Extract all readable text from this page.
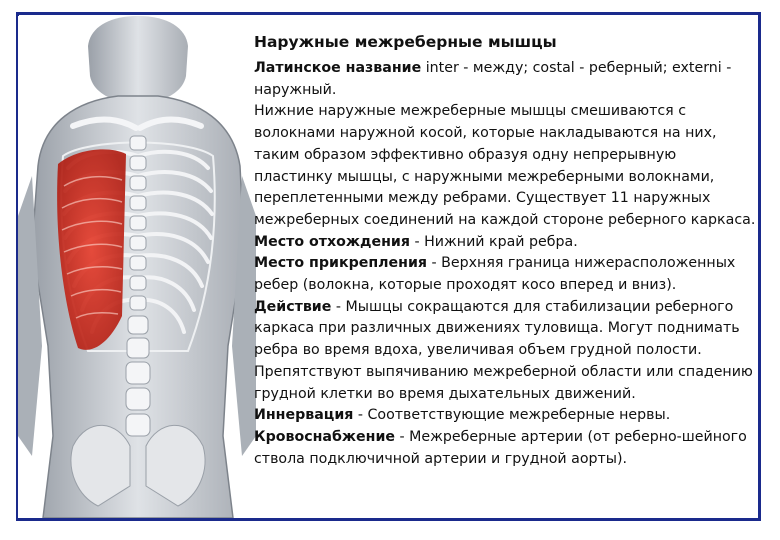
Наружные межреберные мышцы

Латинское название inter - между; costal - реберный; externi - наружный.

Нижние наружные межреберные мышцы смешиваются с волокнами наружной косой, которые накладываются на них, таким образом эффективно образуя одну непрерывную пластинку мышцы, с наружными межреберными волокнами, переплетенными между ребрами. Существует 11 наружных межреберных соединений на каждой стороне реберного каркаса.

Место отхождения - Нижний край ребра.

Место прикрепления - Верхняя граница нижерасположенных ребер (волокна, которые проходят косо вперед и вниз).

Действие - Мышцы сокращаются для стабилизации реберного каркаса при различных движениях туловища. Могут поднимать ребра во время вдоха, увеличивая объем грудной полости. Препятствуют выпячиванию межреберной области или спадению грудной клетки во время дыхательных движений.

Иннервация - Соответствующие межреберные нервы.

Кровоснабжение - Межреберные артерии (от реберно-шейного ствола подключичной артерии и грудной аорты).
